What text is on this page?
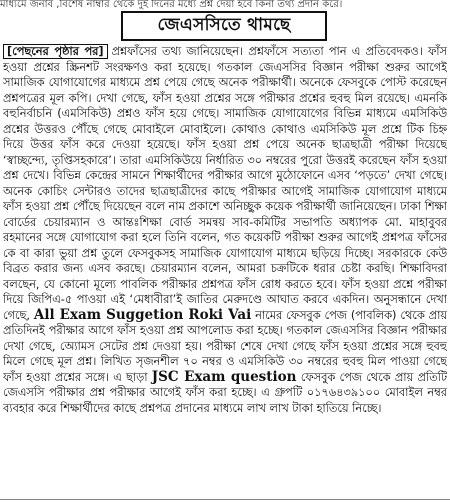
মাধ্যমে জনাব ,বিশেষ নাম্বার থেকে দুই দিনের মধ্যে প্রশ্ন দেয়া হবে কিনা তথ্য প্রদান করে।
জেএসসিতে থামছে

[পেছনের পৃষ্ঠার পর] প্রশ্নফাঁসের তথ্য জানিয়েছেন। প্রশ্নফাঁসে সত্যতা পান এ প্রতিবেদকও। ফাঁস হওয়া প্রশ্নের স্ক্রিনশট সংরক্ষণও করা হয়েছে। গতকাল জেএসসির বিজ্ঞান পরীক্ষা শুরুর আগেই সামাজিক যোগাযোগের মাধ্যমে প্রশ্ন পেয়ে গেছে অনেক পরীক্ষার্থী। অনেকে ফেসবুকে পোস্ট করেছেন প্রশ্নপত্রের মূল কপি। দেখা গেছে, ফাঁস হওয়া প্রশ্নের সঙ্গে পরীক্ষার প্রশ্নের হুবহু মিল রয়েছে। এমনকি বহুনির্বাচনি (এমসিকিউ) প্রশ্নও ফাঁস হয়ে গেছে। সামাজিক যোগাযোগের বিভিন্ন মাধ্যমে এমসিকিউ প্রশ্নের উত্তরও পৌঁছে গেছে মোবাইলে মোবাইলে। কোথাও কোথাও এমসিকিউ মূল প্রশ্নে টিক চিহ্ন দিয়ে উত্তর ফাঁস করে দেওয়া হয়েছে। ফাঁস হওয়া প্রশ্ন পেয়ে অনেক ছাত্রছাত্রী পরীক্ষা দিয়েছে ‘স্বাচ্ছন্দ্যে, তৃপ্তিসহকারে’। তারা এমসিকিউয়ে নির্ধারিত ৩০ নম্বরের পুরো উত্তরই করেছেন ফাঁস হওয়া প্রশ্ন দেখে। বিভিন্ন কেন্দ্রের সামনে শিক্ষার্থীদের পরীক্ষার আগে মুঠোফোনে এসব ‘পড়তে’ দেখা গেছে। অনেক কোচিং সেন্টারও তাদের ছাত্রছাত্রীদের কাছে পরীক্ষার আগেই সামাজিক যোগাযোগ মাধ্যমে ফাঁস হওয়া প্রশ্ন পৌঁছে দিয়েছেন বলে নাম প্রকাশে অনিচ্ছুক কয়েক পরীক্ষার্থী জানিয়েছেন। ঢাকা শিক্ষা বোর্ডের চেয়ারম্যান ও আন্তঃশিক্ষা বোর্ড সমন্বয় সাব-কমিটির সভাপতি অধ্যাপক মো. মাহাবুবর রহমানের সঙ্গে যোগাযোগ করা হলে তিনি বলেন, গত কয়েকটি পরীক্ষা শুরুর আগেই প্রশ্নপত্র ফাঁসের কে বা কারা ভুয়া প্রশ্ন তুলে ফেসবুকসহ সামাজিক যোগাযোগ মাধ্যমে ছড়িয়ে দিচ্ছে। সরকারকে কেউ বিব্রত করার জন্য এসব করছে। চেয়ারম্যান বলেন, আমরা চক্রটিকে ধরার চেষ্টা করছি। শিক্ষাবিদরা বলছেন, যে কোনো মূল্যে পাবলিক পরীক্ষার প্রশ্নপত্র ফাঁস রোধ করতে হবে। ফাঁস হওয়া প্রশ্নে পরীক্ষা দিয়ে জিপিএ-৫ পাওয়া এই ‘মেধাবীরা’ই জাতির মেরুদণ্ডে আঘাত করবে একদিন। অনুসন্ধানে দেখা গেছে, All Exam Suggetion Roki Vai নামের ফেসবুক পেজ (পাবলিক) থেকে প্রায় প্রতিদিনই পরীক্ষার আগে ফাঁস হওয়া প্রশ্ন আপলোড করা হচ্ছে। গতকাল জেএসসির বিজ্ঞান পরীক্ষার দেখা গেছে, অ্যোমস সেটের প্রশ্ন দেওয়া হয়। পরীক্ষা শেষে দেখা গেছে ফাঁস হওয়া প্রশ্নের সঙ্গে হুবহু মিলে গেছে মূল প্রশ্ন। লিখিত সৃজনশীল ৭০ নম্বর ও এমসিকিউ ৩০ নম্বরের হুবহু মিল পাওয়া গেছে ফাঁস হওয়া প্রশ্নের সঙ্গে। এ ছাড়া JSC Exam question ফেসবুক পেজ থেকে প্রায় প্রতিটি জেএসসি পরীক্ষার প্রশ্ন পরীক্ষার আগেই ফাঁস করা হচ্ছে। এ গ্রুপটি ০১৭৬৪৩৯১০০ মোবাইল নম্বর ব্যবহার করে শিক্ষার্থীদের কাছে প্রশ্নপত্র প্রদানের মাধ্যমে লাখ লাখ টাকা হাতিয়ে নিচ্ছে।
